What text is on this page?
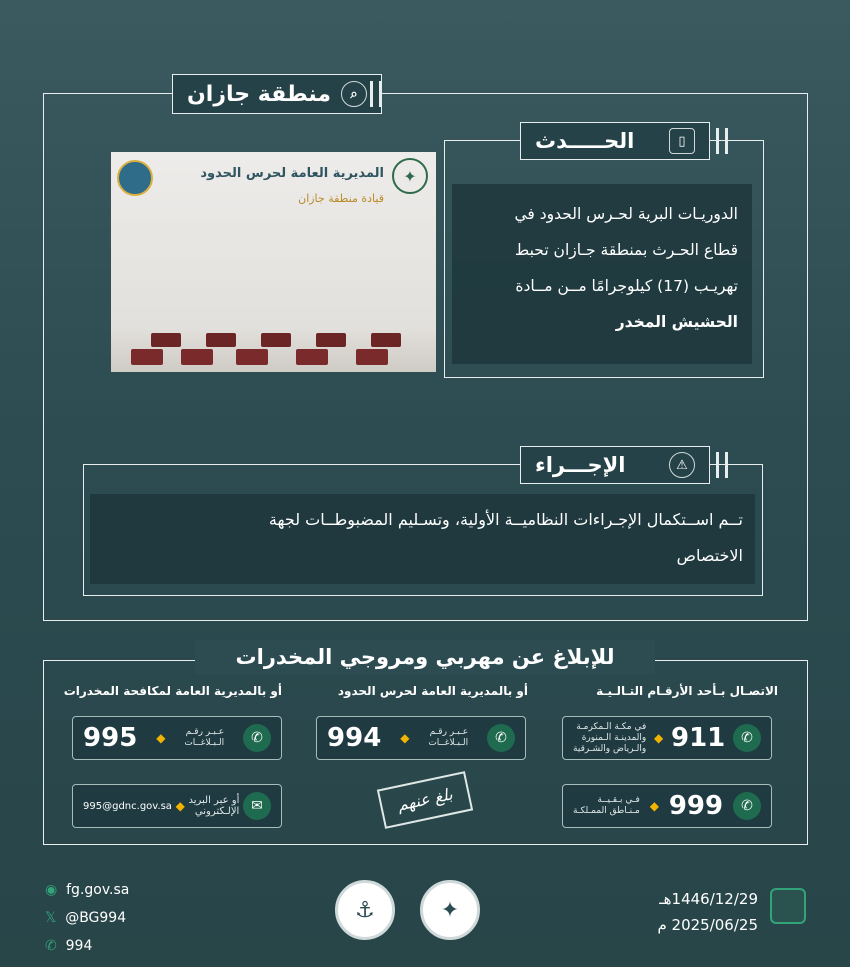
⌕
منطقة جازان
✦
المديرية العامة لحرس الحدود
قيادة منطقة جازان
الدوريـات البرية لحـرس الحدود في
قطاع الحـرث بمنطقة جـازان تحبط
تهريـب (17) كيلوجرامًا مــن مــادة
الحشيش المخدر
▯
الحـــــدث
تــم اســتكمال الإجـراءات النظاميــة الأولية، وتسـليم المضبوطــات لجهة
الاختصاص
⚠
الإجـــراء
للإبلاغ عن مهربي ومروجي المخدرات
الاتصـال بـأحد الأرقـام التـالـيـة
أو بالمديرية العامة لحرس الحدود
أو بالمديرية العامة لمكافحة المخدرات
✆
911
◆
في مكـة الـمكرمـة
والمدينـة الـمنورة
والـرياض والشـرقية
✆
999
◆
فـي بـقـيــة
مـنـاطق الممـلكـة
✆
عـبـر رقـم
الـبـلاغــات
◆
994
بلغ عنهم
✆
عـبـر رقـم
الـبـلاغــات
◆
995
✉
أو عبر البريد
الإلـكتروني
◆
995@gdnc.gov.sa
◉ fg.gov.sa
𝕏 @BG994
✆ 994
⚓	✦	1446/12/29هـ
2025/06/25 م
